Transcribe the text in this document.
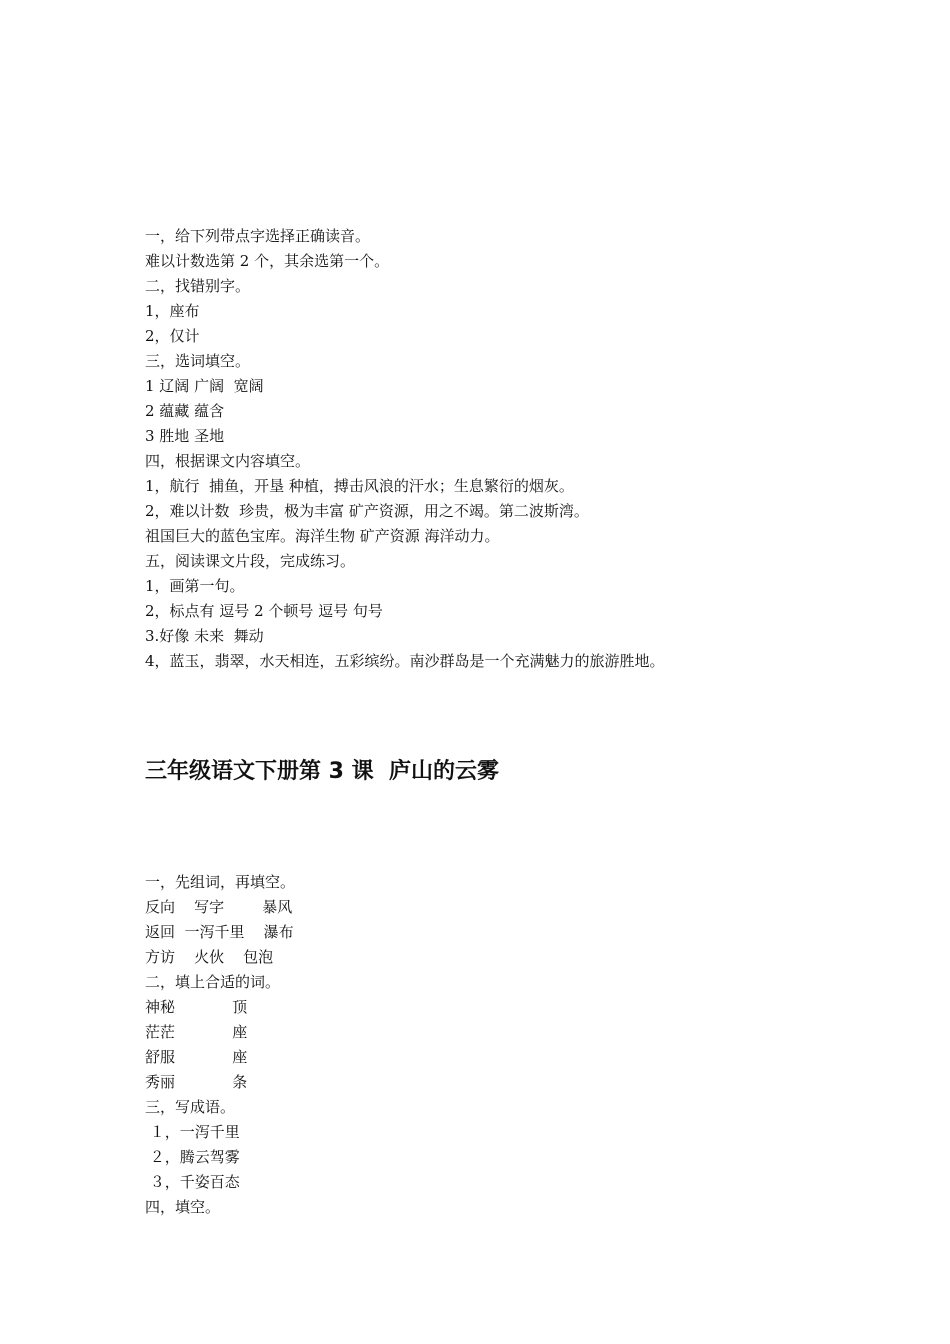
一，给下列带点字选择正确读音。
难以计数选第 2 个，其余选第一个。
二，找错别字。
1，座布
2，仅计
三，选词填空。
1 辽阔 广阔  宽阔
2 蕴藏 蕴含
3 胜地 圣地
四，根据课文内容填空。
1，航行  捕鱼，开垦 种植，搏击风浪的汗水；生息繁衍的烟灰。
2，难以计数  珍贵，极为丰富 矿产资源，用之不竭。第二波斯湾。
祖国巨大的蓝色宝库。海洋生物 矿产资源 海洋动力。
五，阅读课文片段，完成练习。
1，画第一句。
2，标点有 逗号 2 个顿号 逗号 句号
3.好像 未来  舞动
4，蓝玉，翡翠，水天相连，五彩缤纷。南沙群岛是一个充满魅力的旅游胜地。
三年级语文下册第 3 课  庐山的云雾
一，先组词，再填空。
反向    写字        暴风
返回  一泻千里    瀑布
方访    火伙    包泡
二，填上合适的词。
神秘            顶
茫茫            座
舒服            座
秀丽            条
三，写成语。
１，一泻千里
２，腾云驾雾
３，千姿百态
四，填空。
